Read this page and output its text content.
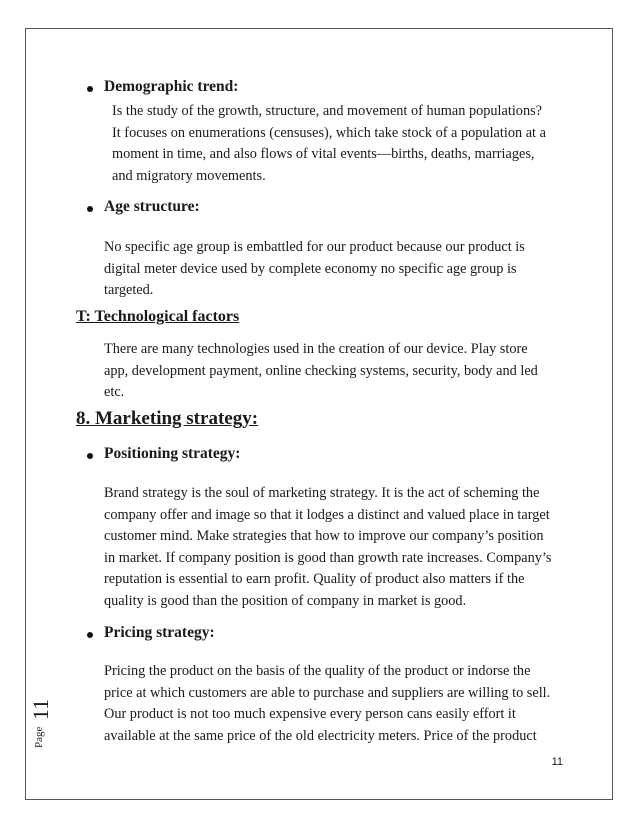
Demographic trend:
Is the study of the growth, structure, and movement of human populations?
It focuses on enumerations (censuses), which take stock of a population at a
moment in time, and also flows of vital events—births, deaths, marriages,
and migratory movements.
Age structure:
No specific age group is embattled for our product because our product is
digital meter device used by complete economy no specific age group is
targeted.
T: Technological factors
There are many technologies used in the creation of our device. Play store
app, development payment, online checking systems, security, body and led
etc.
8. Marketing strategy:
Positioning strategy:
Brand strategy is the soul of marketing strategy. It is the act of scheming the
company offer and image so that it lodges a distinct and valued place in target
customer mind. Make strategies that how to improve our company’s position
in market. If company position is good than growth rate increases. Company’s
reputation is essential to earn profit. Quality of product also matters if the
quality is good than the position of company in market is good.
Pricing strategy:
Pricing the product on the basis of the quality of the product or indorse the
price at which customers are able to purchase and suppliers are willing to sell.
Our product is not too much expensive every person cans easily effort it
available at the same price of the old electricity meters. Price of the product
Page
11
11
